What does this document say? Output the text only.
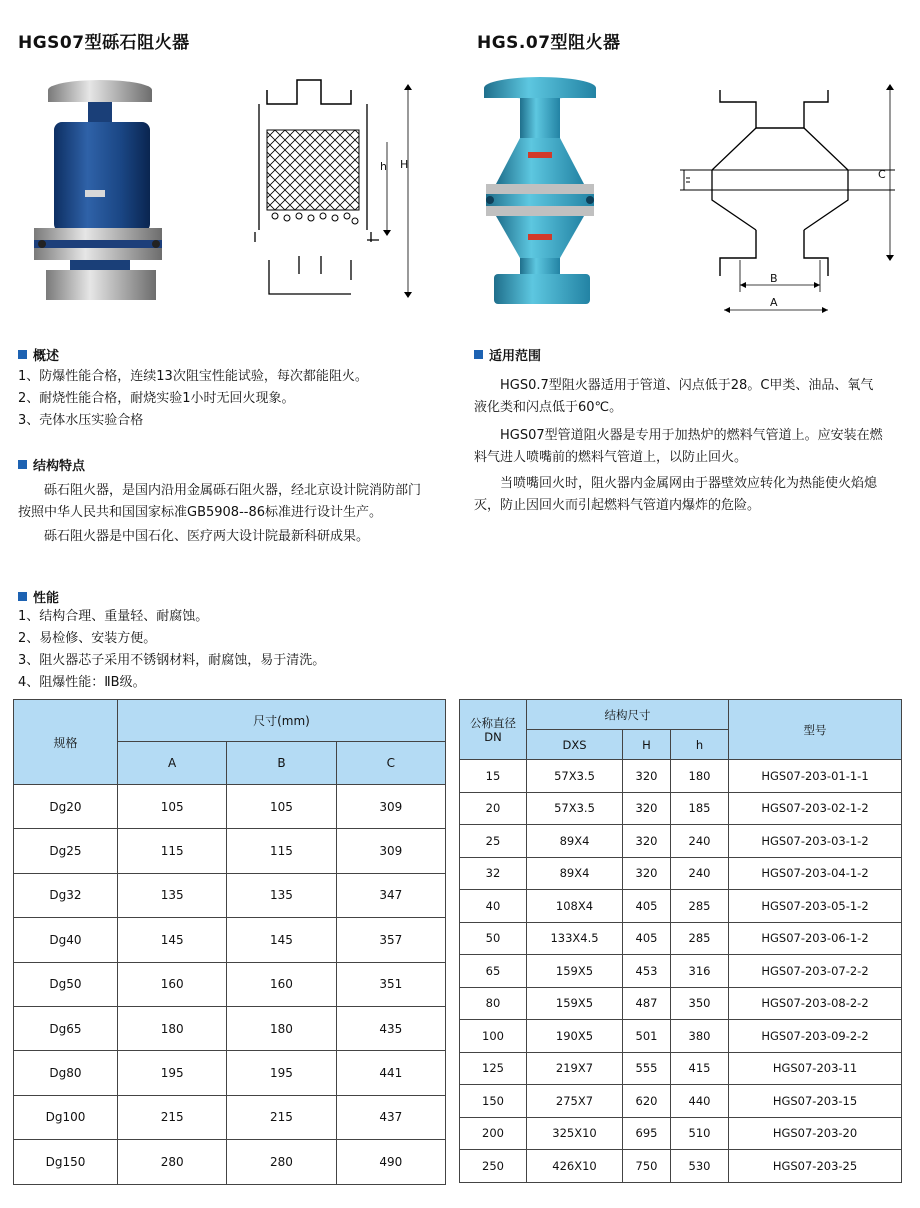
HGS07型砾石阻火器	HGS.07型阻火器
h H
C
B
A
概述
1、防爆性能合格，连续13次阻宝性能试验，每次都能阻火。
2、耐烧性能合格，耐烧实验1小时无回火现象。
3、壳体水压实验合格
结构特点
砾石阻火器，是国内沿用金属砾石阻火器，经北京设计院消防部门按照中华人民共和国国家标准GB5908--86标准进行设计生产。
砾石阻火器是中国石化、医疗两大设计院最新科研成果。
性能
1、结构合理、重量轻、耐腐蚀。
2、易检修、安装方便。
3、阻火器芯子采用不锈钢材料，耐腐蚀，易于清洗。
4、阻爆性能：ⅡB级。
适用范围
HGS0.7型阻火器适用于管道、闪点低于28。C甲类、油品、氧气液化类和闪点低于60℃。
HGS07型管道阻火器是专用于加热炉的燃料气管道上。应安装在燃料气进人喷嘴前的燃料气管道上，以防止回火。
当喷嘴回火时，阻火器内金属网由于器壁效应转化为热能使火焰熄灭，防止因回火而引起燃料气管道内爆炸的危险。
规格	尺寸(mm)		
	A	B	C
Dg20	105	105	309
Dg25	115	115	309
Dg32	135	135	347
Dg40	145	145	357
Dg50	160	160	351
Dg65	180	180	435
Dg80	195	195	441
Dg100	215	215	437
Dg150	280	280	490
公称直径
DN	结构尺寸			型号
	DXS	H	h	
15	57X3.5	320	180	HGS07-203-01-1-1
20	57X3.5	320	185	HGS07-203-02-1-2
25	89X4	320	240	HGS07-203-03-1-2
32	89X4	320	240	HGS07-203-04-1-2
40	108X4	405	285	HGS07-203-05-1-2
50	133X4.5	405	285	HGS07-203-06-1-2
65	159X5	453	316	HGS07-203-07-2-2
80	159X5	487	350	HGS07-203-08-2-2
100	190X5	501	380	HGS07-203-09-2-2
125	219X7	555	415	HGS07-203-11
150	275X7	620	440	HGS07-203-15
200	325X10	695	510	HGS07-203-20
250	426X10	750	530	HGS07-203-25
